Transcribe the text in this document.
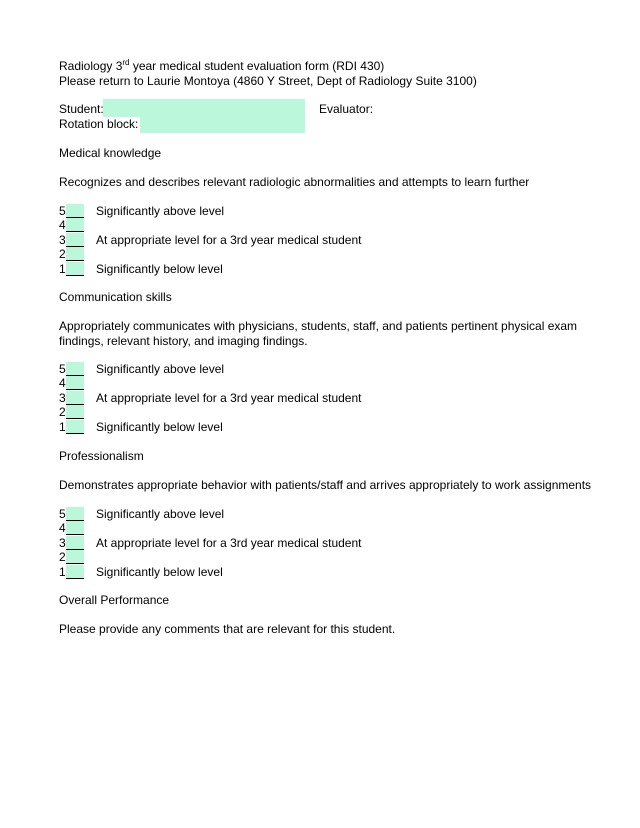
Radiology 3rd year medical student evaluation form (RDI 430)
Please return to Laurie Montoya (4860 Y Street, Dept of Radiology Suite 3100)
Student:	Evaluator:
Rotation block:
Overall Performance
Please provide any comments that are relevant for this student.
Medical knowledge
Recognizes and describes relevant radiologic abnormalities and attempts to learn further
5	Significantly above level
4
3	At appropriate level for a 3rd year medical student
2
1	Significantly below level
Communication skills
Appropriately communicates with physicians, students, staff, and patients pertinent physical exam
findings, relevant history, and imaging findings.
5	Significantly above level
4
3	At appropriate level for a 3rd year medical student
2
1	Significantly below level
Professionalism
Demonstrates appropriate behavior with patients/staff and arrives appropriately to work assignments
5	Significantly above level
4
3	At appropriate level for a 3rd year medical student
2
1	Significantly below level
